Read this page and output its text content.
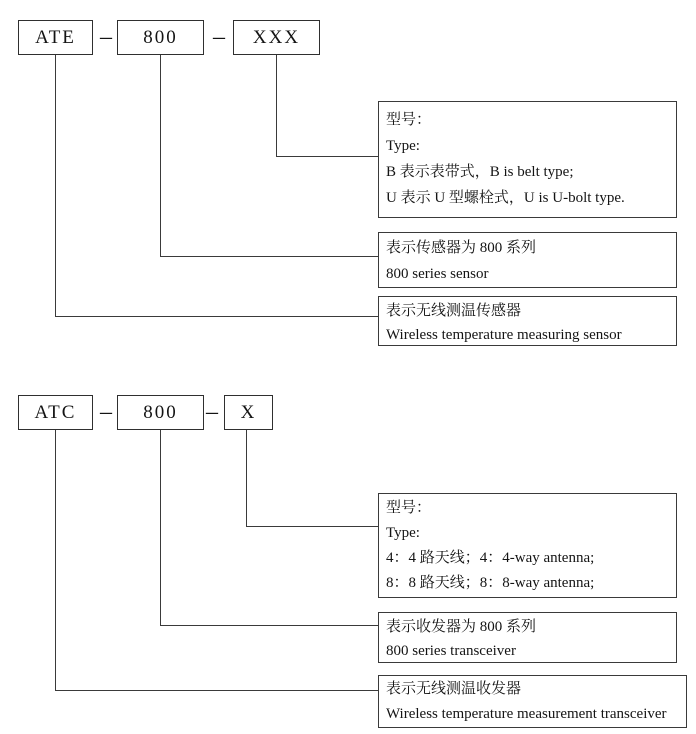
ATE	–	800	–	XXX
型号：
Type:
B 表示表带式，B is belt type;
U 表示 U 型螺栓式，U is U-bolt type.
表示传感器为 800 系列
800 series sensor
表示无线测温传感器
Wireless temperature measuring sensor
ATC –	800	–	X
型号：
Type:
4：4 路天线；4：4-way antenna;
8：8 路天线；8：8-way antenna;
表示收发器为 800 系列
800 series transceiver
表示无线测温收发器
Wireless temperature measurement transceiver
